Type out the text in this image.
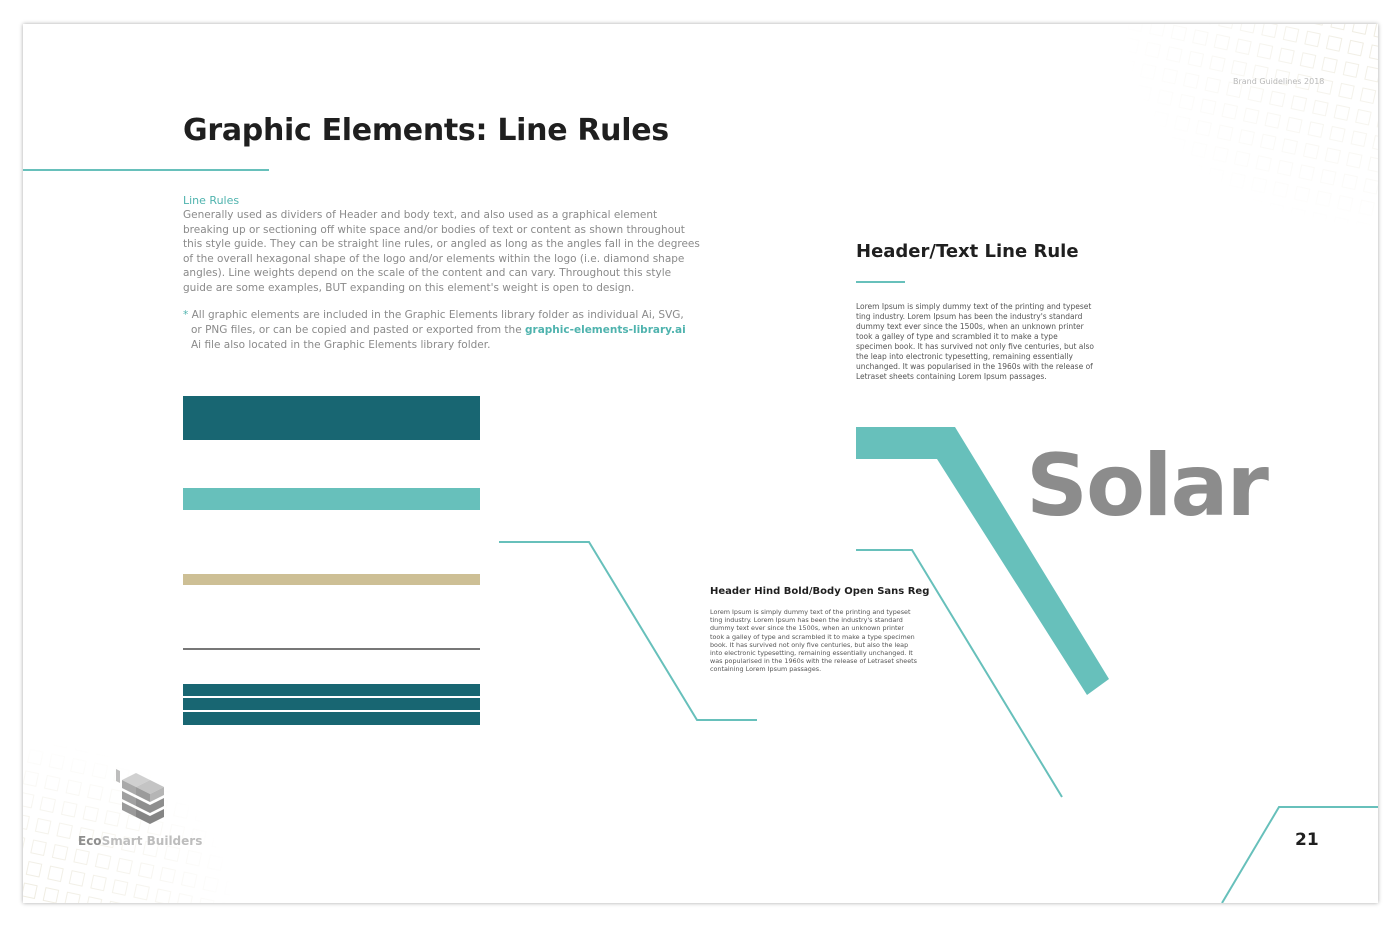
Brand Guidelines 2018
Graphic Elements: Line Rules
Line Rules

Generally used as dividers of Header and body text, and also used as a graphical element breaking up or sectioning off white space and/or bodies of text or content as shown throughout this style guide. They can be straight line rules, or angled as long as the angles fall in the degrees of the overall hexagonal shape of the logo and/or elements within the logo (i.e. diamond shape angles). Line weights depend on the scale of the content and can vary. Throughout this style guide are some examples, BUT expanding on this element's weight is open to design.

* All graphic elements are included in the Graphic Elements library folder as individual Ai, SVG,
or PNG files, or can be copied and pasted or exported from the graphic-elements-library.ai
Ai file also located in the Graphic Elements library folder.
Header/Text Line Rule

Lorem Ipsum is simply dummy text of the printing and typeset ting industry. Lorem Ipsum has been the industry's standard dummy text ever since the 1500s, when an unknown printer took a galley of type and scrambled it to make a type specimen book. It has survived not only five centuries, but also the leap into electronic typesetting, remaining essentially unchanged. It was popularised in the 1960s with the release of Letraset sheets containing Lorem Ipsum passages.

Solar
Header Hind Bold/Body Open Sans Reg

Lorem Ipsum is simply dummy text of the printing and typeset ting industry. Lorem Ipsum has been the industry's standard dummy text ever since the 1500s, when an unknown printer took a galley of type and scrambled it to make a type specimen book. It has survived not only five centuries, but also the leap into electronic typesetting, remaining essentially unchanged. It was popularised in the 1960s with the release of Letraset sheets containing Lorem Ipsum passages.

EcoSmart Builders	21
